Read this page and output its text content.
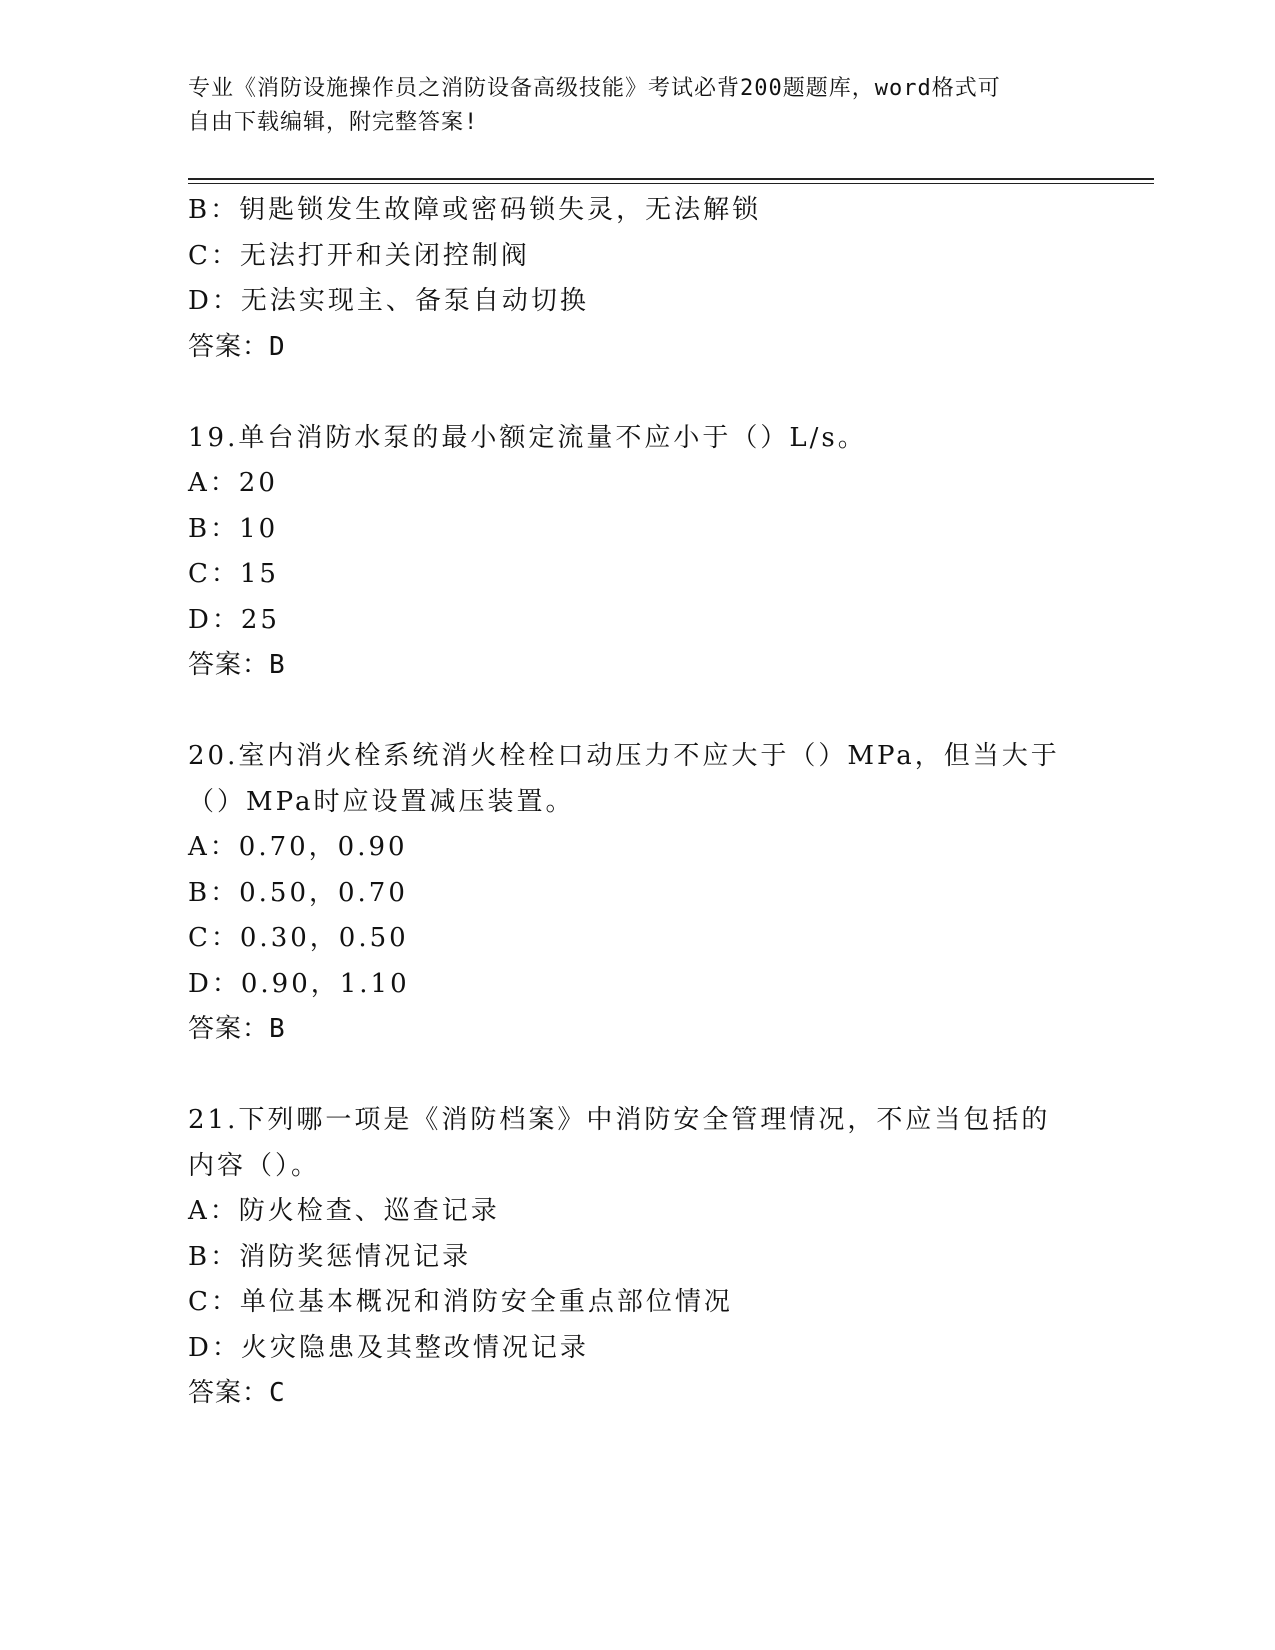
专业《消防设施操作员之消防设备高级技能》考试必背200题题库，word格式可
自由下载编辑，附完整答案!
B：钥匙锁发生故障或密码锁失灵，无法解锁
C：无法打开和关闭控制阀
D：无法实现主、备泵自动切换
答案：D
19.单台消防水泵的最小额定流量不应小于（）L/s。
A：20
B：10
C：15
D：25
答案：B
20.室内消火栓系统消火栓栓口动压力不应大于（）MPa，但当大于（）MPa时应设置减压装置。
A：0.70，0.90
B：0.50，0.70
C：0.30，0.50
D：0.90，1.10
答案：B
21.下列哪一项是《消防档案》中消防安全管理情况，不应当包括的内容（）。
A：防火检查、巡查记录
B：消防奖惩情况记录
C：单位基本概况和消防安全重点部位情况
D：火灾隐患及其整改情况记录
答案：C
